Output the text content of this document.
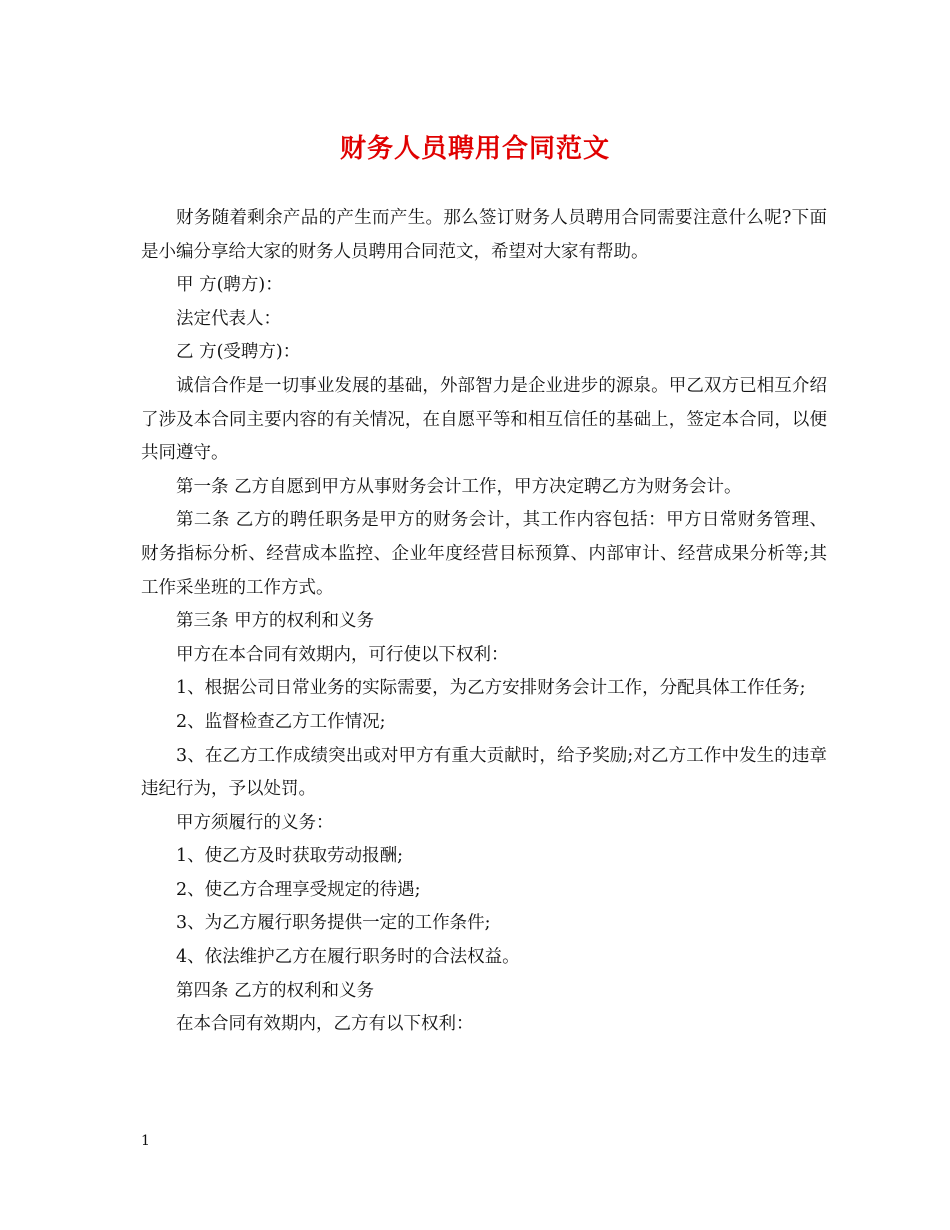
财务人员聘用合同范文

财务随着剩余产品的产生而产生。那么签订财务人员聘用合同需要注意什么呢?下面是小编分享给大家的财务人员聘用合同范文，希望对大家有帮助。

甲 方(聘方)：

法定代表人：

乙 方(受聘方)：

诚信合作是一切事业发展的基础，外部智力是企业进步的源泉。甲乙双方已相互介绍了涉及本合同主要内容的有关情况，在自愿平等和相互信任的基础上，签定本合同，以便共同遵守。

第一条 乙方自愿到甲方从事财务会计工作，甲方决定聘乙方为财务会计。

第二条 乙方的聘任职务是甲方的财务会计，其工作内容包括：甲方日常财务管理、财务指标分析、经营成本监控、企业年度经营目标预算、内部审计、经营成果分析等;其工作采坐班的工作方式。

第三条 甲方的权利和义务

甲方在本合同有效期内，可行使以下权利：

1、根据公司日常业务的实际需要，为乙方安排财务会计工作，分配具体工作任务;

2、监督检查乙方工作情况;

3、在乙方工作成绩突出或对甲方有重大贡献时，给予奖励;对乙方工作中发生的违章违纪行为，予以处罚。

甲方须履行的义务：

1、使乙方及时获取劳动报酬;

2、使乙方合理享受规定的待遇;

3、为乙方履行职务提供一定的工作条件;

4、依法维护乙方在履行职务时的合法权益。

第四条 乙方的权利和义务

在本合同有效期内，乙方有以下权利：

1
